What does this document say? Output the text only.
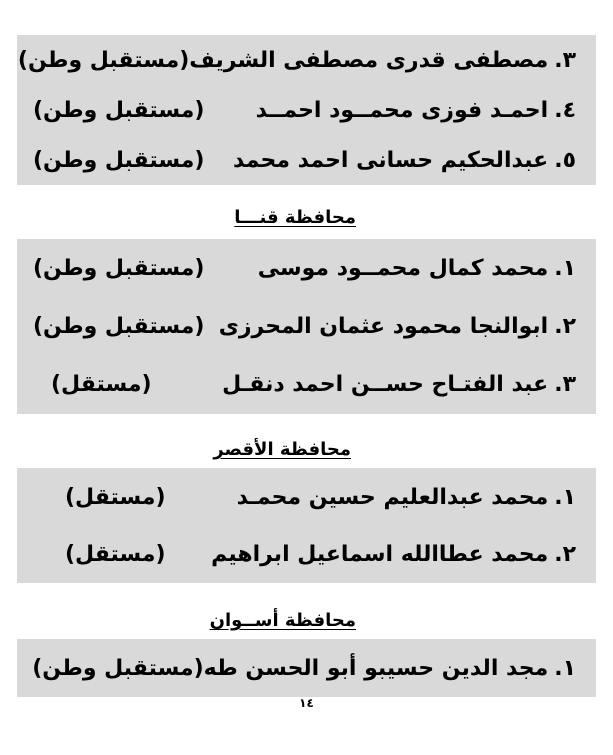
٣.
مصطفى قدرى مصطفى الشريف
(مستقبل وطن)
٤.
احمـد فوزى محمــود احمــد
(مستقبل وطن)
٥.
عبدالحكيم حسانى احمد محمد
(مستقبل وطن)
محافظة قنـــا
١.
محمد كمال محمــود موسى
(مستقبل وطن)
٢.
ابوالنجا محمود عثمان المحرزى
(مستقبل وطن)
٣.
عبد الفتـاح حســن احمد دنقـل
(مستقل)
محافظة الأقصر
١.
محمد عبدالعليم حسين محمـد
(مستقل)
٢.
محمد عطاالله اسماعيل ابراهيم
(مستقل)
محافظة أســوان
١.
مجد الدين حسيبو أبو الحسن طه
(مستقبل وطن)
١٤
